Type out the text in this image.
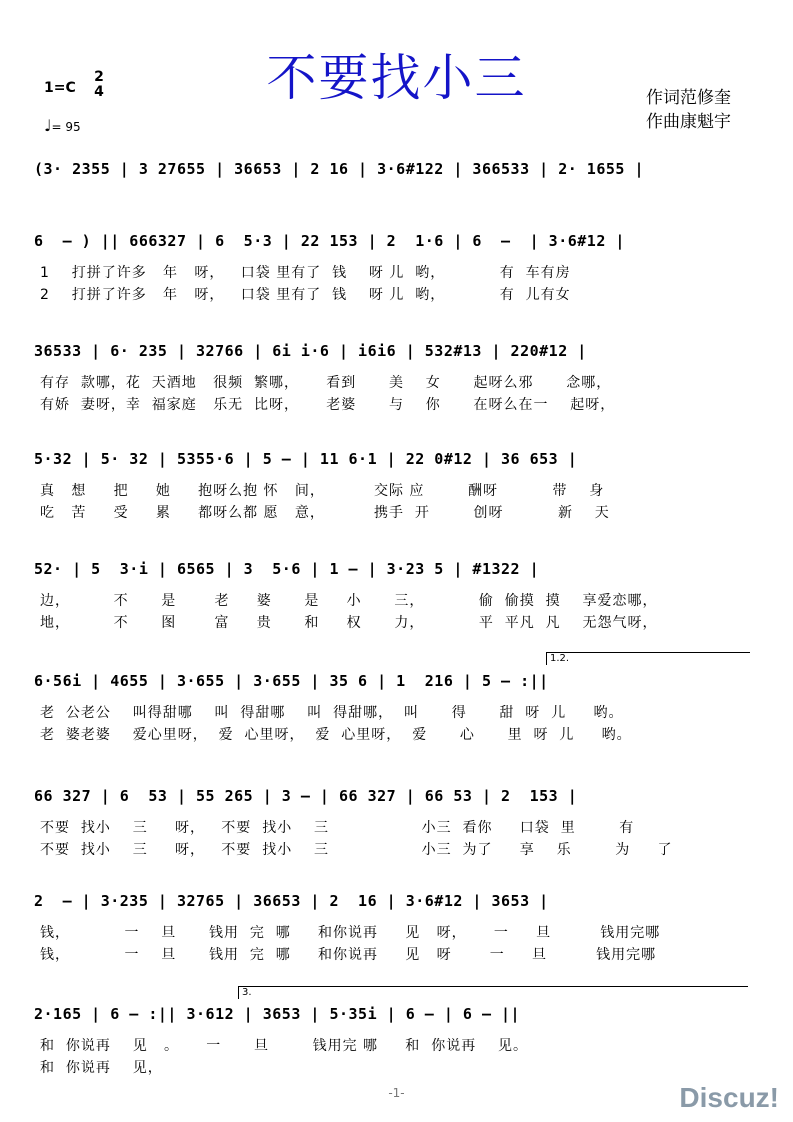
不要找小三
1=C
2
4
♩= 95
作词范修奎
作曲康魁宇
(3· 2355 | 3 27655 | 36653 | 2 16 | 3·6#122 | 366533 | 2· 1655 |
6  – ) || 666327 | 6  5·3 | 22 153 | 2  1·6 | 6  –  | 3·6#12 |
1    打拼了许多   年   呀，   口袋 里有了  钱    呀 儿  哟，          有  车有房
2    打拼了许多   年   呀，   口袋 里有了  钱    呀 儿  哟，          有  儿有女
36533 | 6· 235 | 32766 | 6i i·6 | i6i6 | 532#13 | 220#12 |
有存  款哪，花  天酒地   很频  繁哪，     看到      美    女      起呀么邪      念哪，
有娇  妻呀，幸  福家庭   乐无  比呀，     老婆      与    你      在呀么在一    起呀，
5·32 | 5· 32 | 5355·6 | 5 – | 11 6·1 | 22 0#12 | 36 653 |
真   想     把     她     抱呀么抱 怀   间，         交际 应        酬呀          带    身
吃   苦     受     累     都呀么都 愿   意，         携手  开        创呀          新    天
52· | 5  3·i | 6565 | 3  5·6 | 1 – | 3·23 5 | #1322 |
边，        不      是       老     婆      是     小      三，          偷  偷摸  摸    享爱恋哪，
地，        不      图       富     贵      和     权      力，          平  平凡  凡    无怨气呀，
6·56i | 4655 | 3·655 | 3·655 | 35 6 | 1  216 | 5 – :||
老  公老公    叫得甜哪    叫  得甜哪    叫  得甜哪，  叫      得      甜  呀  儿     哟。
老  婆老婆    爱心里呀，  爱  心里呀，  爱  心里呀，  爱      心      里  呀  儿     哟。
66 327 | 6  53 | 55 265 | 3 – | 66 327 | 66 53 | 2  153 |
不要  找小    三     呀，   不要  找小    三                 小三  看你     口袋  里        有
不要  找小    三     呀，   不要  找小    三                 小三  为了     享    乐        为     了
2  – | 3·235 | 32765 | 36653 | 2  16 | 3·6#12 | 3653 |
钱，          一    旦      钱用  完  哪     和你说再     见   呀，     一     旦         钱用完哪
钱，          一    旦      钱用  完  哪     和你说再     见   呀       一     旦         钱用完哪
2·165 | 6 – :|| 3·612 | 3653 | 5·35i | 6 – | 6 – ||
和  你说再    见   。     一      旦        钱用完 哪     和  你说再    见。
和  你说再    见，
1.2.
3.
-1-	Discuz!
